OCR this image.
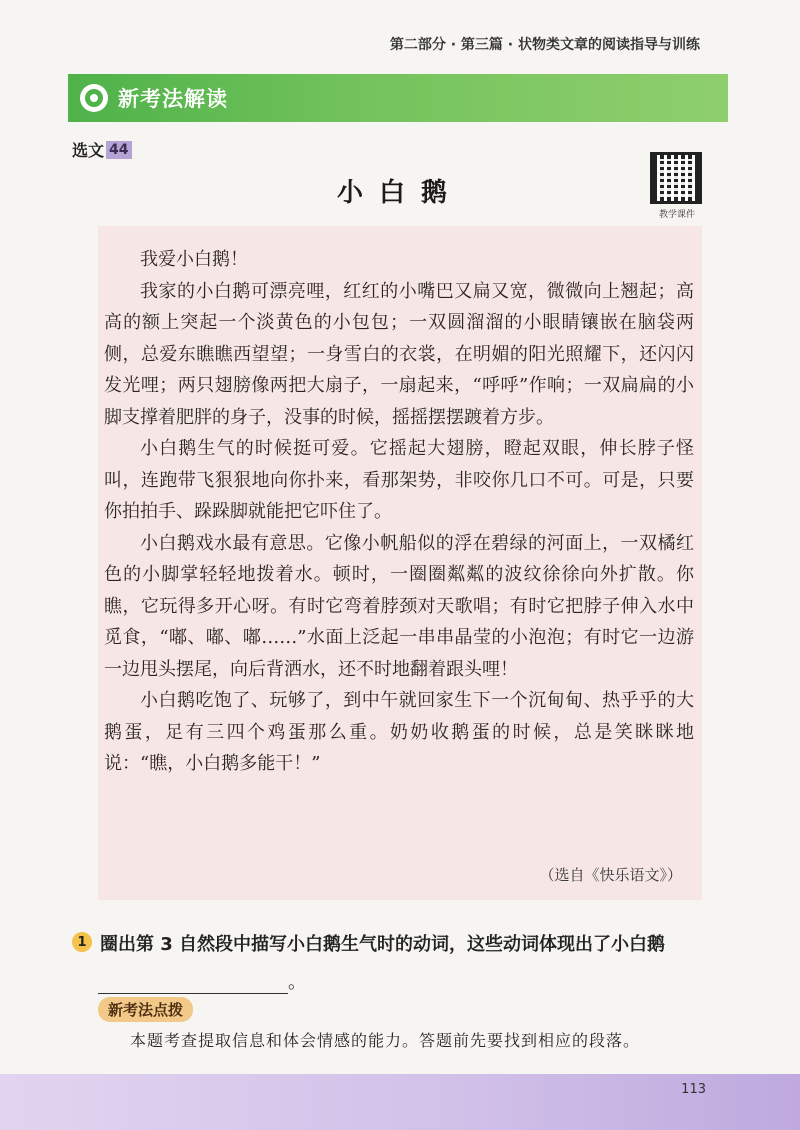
第二部分 · 第三篇 · 状物类文章的阅读指导与训练
新考法解读
选文 44
小白鹅
教学课件

我爱小白鹅！

我家的小白鹅可漂亮哩，红红的小嘴巴又扁又宽，微微向上翘起；高高的额上突起一个淡黄色的小包包；一双圆溜溜的小眼睛镶嵌在脑袋两侧，总爱东瞧瞧西望望；一身雪白的衣裳，在明媚的阳光照耀下，还闪闪发光哩；两只翅膀像两把大扇子，一扇起来，“呼呼”作响；一双扁扁的小脚支撑着肥胖的身子，没事的时候，摇摇摆摆踱着方步。

小白鹅生气的时候挺可爱。它摇起大翅膀，瞪起双眼，伸长脖子怪叫，连跑带飞狠狠地向你扑来，看那架势，非咬你几口不可。可是，只要你拍拍手、跺跺脚就能把它吓住了。

小白鹅戏水最有意思。它像小帆船似的浮在碧绿的河面上，一双橘红色的小脚掌轻轻地拨着水。顿时，一圈圈粼粼的波纹徐徐向外扩散。你瞧，它玩得多开心呀。有时它弯着脖颈对天歌唱；有时它把脖子伸入水中觅食，“嘟、嘟、嘟……”水面上泛起一串串晶莹的小泡泡；有时它一边游一边甩头摆尾，向后背洒水，还不时地翻着跟头哩！

小白鹅吃饱了、玩够了，到中午就回家生下一个沉甸甸、热乎乎的大鹅蛋，足有三四个鸡蛋那么重。奶奶收鹅蛋的时候，总是笑眯眯地说：“瞧，小白鹅多能干！”

（选自《快乐语文》）
1 圈出第 3 自然段中描写小白鹅生气时的动词，这些动词体现出了小白鹅
。
新考法点拨
本题考查提取信息和体会情感的能力。答题前先要找到相应的段落。
113
